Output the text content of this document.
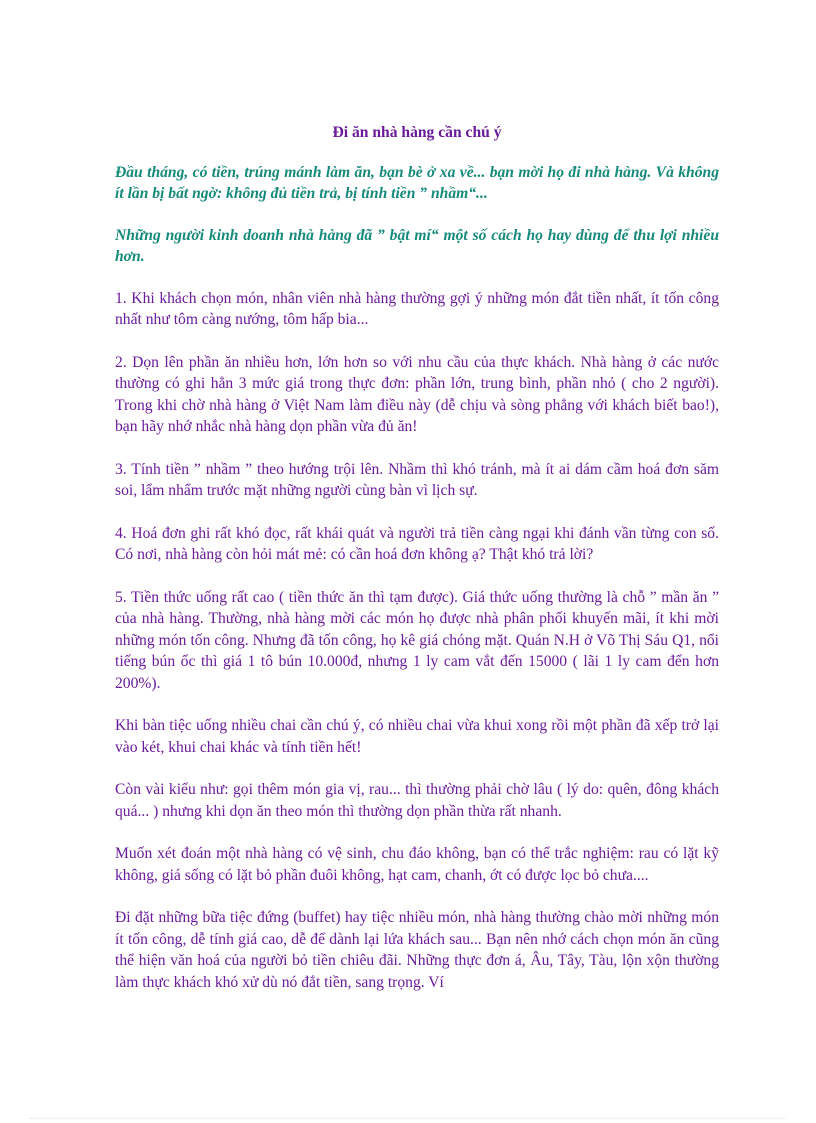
Đi ăn nhà hàng cần chú ý
Đầu tháng, có tiền, trúng mánh làm ăn, bạn bè ở xa về... bạn mời họ đi nhà hàng. Và không ít lần bị bất ngờ: không đủ tiền trả, bị tính tiền ” nhầm“...
Những người kinh doanh nhà hàng đã ” bật mí“ một số cách họ hay dùng để thu lợi nhiều hơn.
1. Khi khách chọn món, nhân viên nhà hàng thường gợi ý những món đắt tiền nhất, ít tốn công nhất như tôm càng nướng, tôm hấp bia...
2. Dọn lên phần ăn nhiều hơn, lớn hơn so với nhu cầu của thực khách. Nhà hàng ở các nước thường có ghi hẳn 3 mức giá trong thực đơn: phần lớn, trung bình, phần nhỏ ( cho 2 người). Trong khi chờ nhà hàng ở Việt Nam làm điều này (dễ chịu và sòng phẳng với khách biết bao!), bạn hãy nhớ nhắc nhà hàng dọn phần vừa đủ ăn!
3. Tính tiền ” nhầm ” theo hướng trội lên. Nhầm thì khó tránh, mà ít ai dám cầm hoá đơn săm soi, lẩm nhẩm trước mặt những người cùng bàn vì lịch sự.
4. Hoá đơn ghi rất khó đọc, rất khái quát và người trả tiền càng ngại khi đánh vần từng con số. Có nơi, nhà hàng còn hỏi mát mẻ: có cần hoá đơn không ạ? Thật khó trả lời?
5. Tiền thức uống rất cao ( tiền thức ăn thì tạm được). Giá thức uống thường là chỗ ” mần ăn ” của nhà hàng. Thường, nhà hàng mời các món họ được nhà phân phối khuyến mãi, ít khi mời những món tốn công. Nhưng đã tốn công, họ kê giá chóng mặt. Quán N.H ở Võ Thị Sáu Q1, nổi tiếng bún ốc thì giá 1 tô bún 10.000đ, nhưng 1 ly cam vắt đến 15000 ( lãi 1 ly cam đến hơn 200%).
Khi bàn tiệc uống nhiều chai cần chú ý, có nhiều chai vừa khui xong rồi một phần đã xếp trở lại vào két, khui chai khác và tính tiền hết!
Còn vài kiểu như: gọi thêm món gia vị, rau... thì thường phải chờ lâu ( lý do: quên, đông khách quá... ) nhưng khi dọn ăn theo món thì thường dọn phần thừa rất nhanh.
Muốn xét đoán một nhà hàng có vệ sinh, chu đáo không, bạn có thể trắc nghiệm: rau có lặt kỹ không, giá sống có lặt bỏ phần đuôi không, hạt cam, chanh, ớt có được lọc bỏ chưa....
Đi đặt những bữa tiệc đứng (buffet) hay tiệc nhiều món, nhà hàng thường chào mời những món ít tốn công, dễ tính giá cao, dễ để dành lại lứa khách sau... Bạn nên nhớ cách chọn món ăn cũng thể hiện văn hoá của người bỏ tiền chiêu đãi. Những thực đơn á, Âu, Tây, Tàu, lộn xộn thường làm thực khách khó xử dù nó đắt tiền, sang trọng. Ví
